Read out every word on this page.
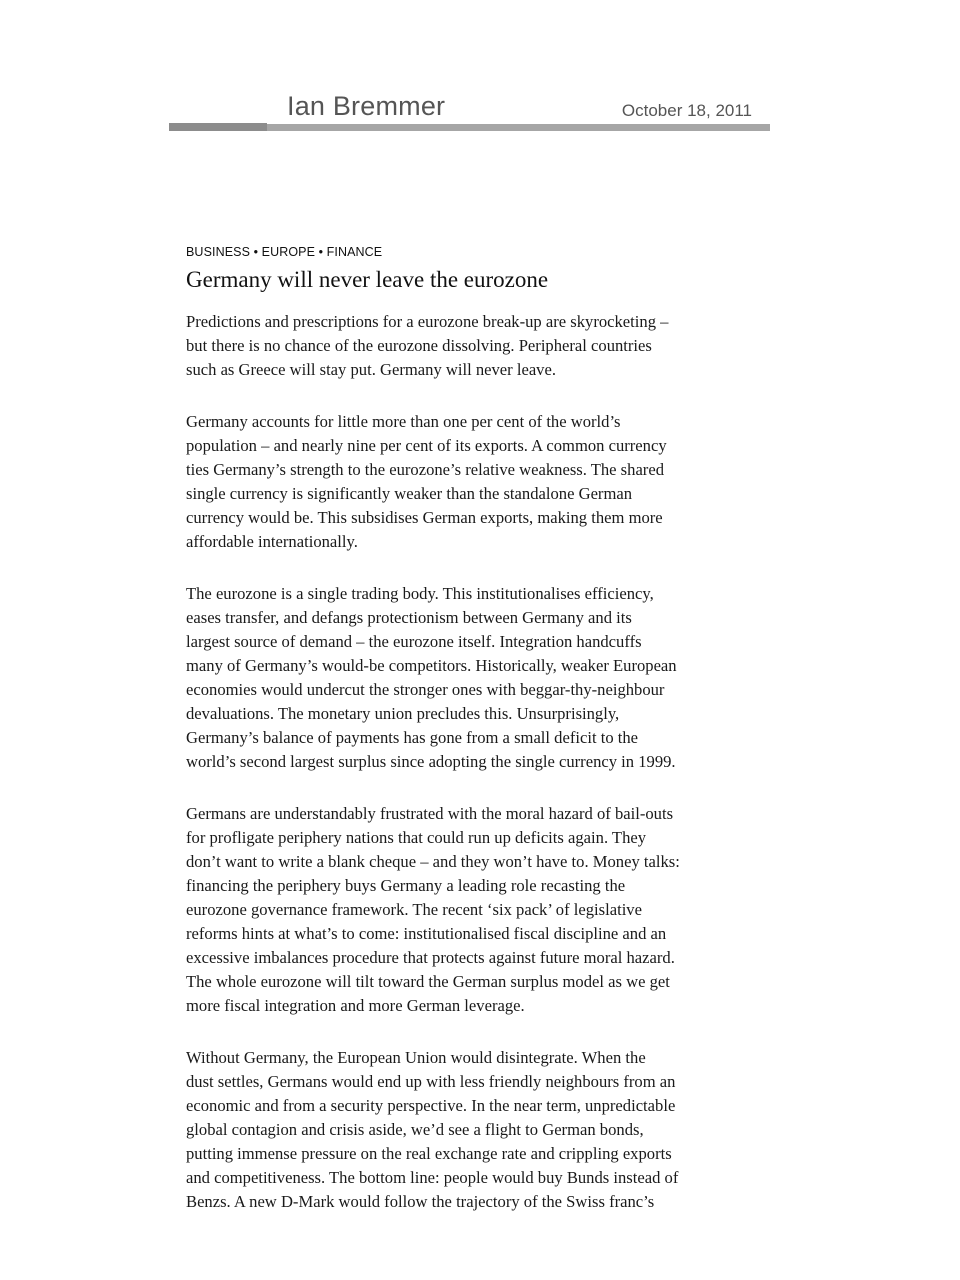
Ian Bremmer	October 18, 2011
BUSINESS • EUROPE • FINANCE
Germany will never leave the eurozone

Predictions and prescriptions for a eurozone break-up are skyrocketing –
but there is no chance of the eurozone dissolving. Peripheral countries
such as Greece will stay put. Germany will never leave.

Germany accounts for little more than one per cent of the world’s
population – and nearly nine per cent of its exports. A common currency
ties Germany’s strength to the eurozone’s relative weakness. The shared
single currency is significantly weaker than the standalone German
currency would be. This subsidises German exports, making them more
affordable internationally.

The eurozone is a single trading body. This institutionalises efficiency,
eases transfer, and defangs protectionism between Germany and its
largest source of demand – the eurozone itself. Integration handcuffs
many of Germany’s would-be competitors. Historically, weaker European
economies would undercut the stronger ones with beggar-thy-neighbour
devaluations. The monetary union precludes this. Unsurprisingly,
Germany’s balance of payments has gone from a small deficit to the
world’s second largest surplus since adopting the single currency in 1999.

Germans are understandably frustrated with the moral hazard of bail-outs
for profligate periphery nations that could run up deficits again. They
don’t want to write a blank cheque – and they won’t have to. Money talks:
financing the periphery buys Germany a leading role recasting the
eurozone governance framework. The recent ‘six pack’ of legislative
reforms hints at what’s to come: institutionalised fiscal discipline and an
excessive imbalances procedure that protects against future moral hazard.
The whole eurozone will tilt toward the German surplus model as we get
more fiscal integration and more German leverage.

Without Germany, the European Union would disintegrate. When the
dust settles, Germans would end up with less friendly neighbours from an
economic and from a security perspective. In the near term, unpredictable
global contagion and crisis aside, we’d see a flight to German bonds,
putting immense pressure on the real exchange rate and crippling exports
and competitiveness. The bottom line: people would buy Bunds instead of
Benzs. A new D-Mark would follow the trajectory of the Swiss franc’s
